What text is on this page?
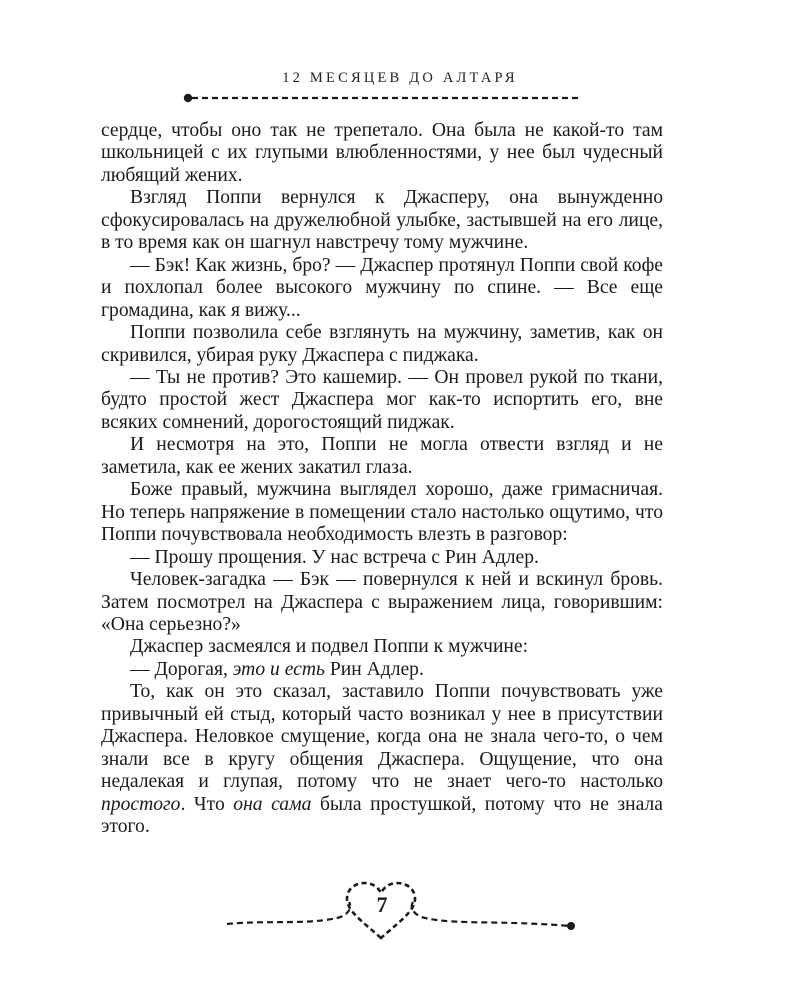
12 МЕСЯЦЕВ ДО АЛТАРЯ

сердце, чтобы оно так не трепетало. Она была не какой-то там школьницей с их глупыми влюбленностями, у нее был чудесный любящий жених.

Взгляд Поппи вернулся к Джасперу, она вынужденно сфокусировалась на дружелюбной улыбке, застывшей на его лице, в то время как он шагнул навстречу тому мужчине.

— Бэк! Как жизнь, бро? — Джаспер протянул Поппи свой кофе и похлопал более высокого мужчину по спине. — Все еще громадина, как я вижу...

Поппи позволила себе взглянуть на мужчину, заметив, как он скривился, убирая руку Джаспера с пиджака.

— Ты не против? Это кашемир. — Он провел рукой по ткани, будто простой жест Джаспера мог как-то испортить его, вне всяких сомнений, дорогостоящий пиджак.

И несмотря на это, Поппи не могла отвести взгляд и не заметила, как ее жених закатил глаза.

Боже правый, мужчина выглядел хорошо, даже гримасничая. Но теперь напряжение в помещении стало настолько ощутимо, что Поппи почувствовала необходимость влезть в разговор:

— Прошу прощения. У нас встреча с Рин Адлер.

Человек-загадка — Бэк — повернулся к ней и вскинул бровь. Затем посмотрел на Джаспера с выражением лица, говорившим: «Она серьезно?»

Джаспер засмеялся и подвел Поппи к мужчине:

— Дорогая, это и есть Рин Адлер.

То, как он это сказал, заставило Поппи почувствовать уже привычный ей стыд, который часто возникал у нее в присутствии Джаспера. Неловкое смущение, когда она не знала чего-то, о чем знали все в кругу общения Джаспера. Ощущение, что она недалекая и глупая, потому что не знает чего-то настолько простого. Что она сама была простушкой, потому что не знала этого.

7
